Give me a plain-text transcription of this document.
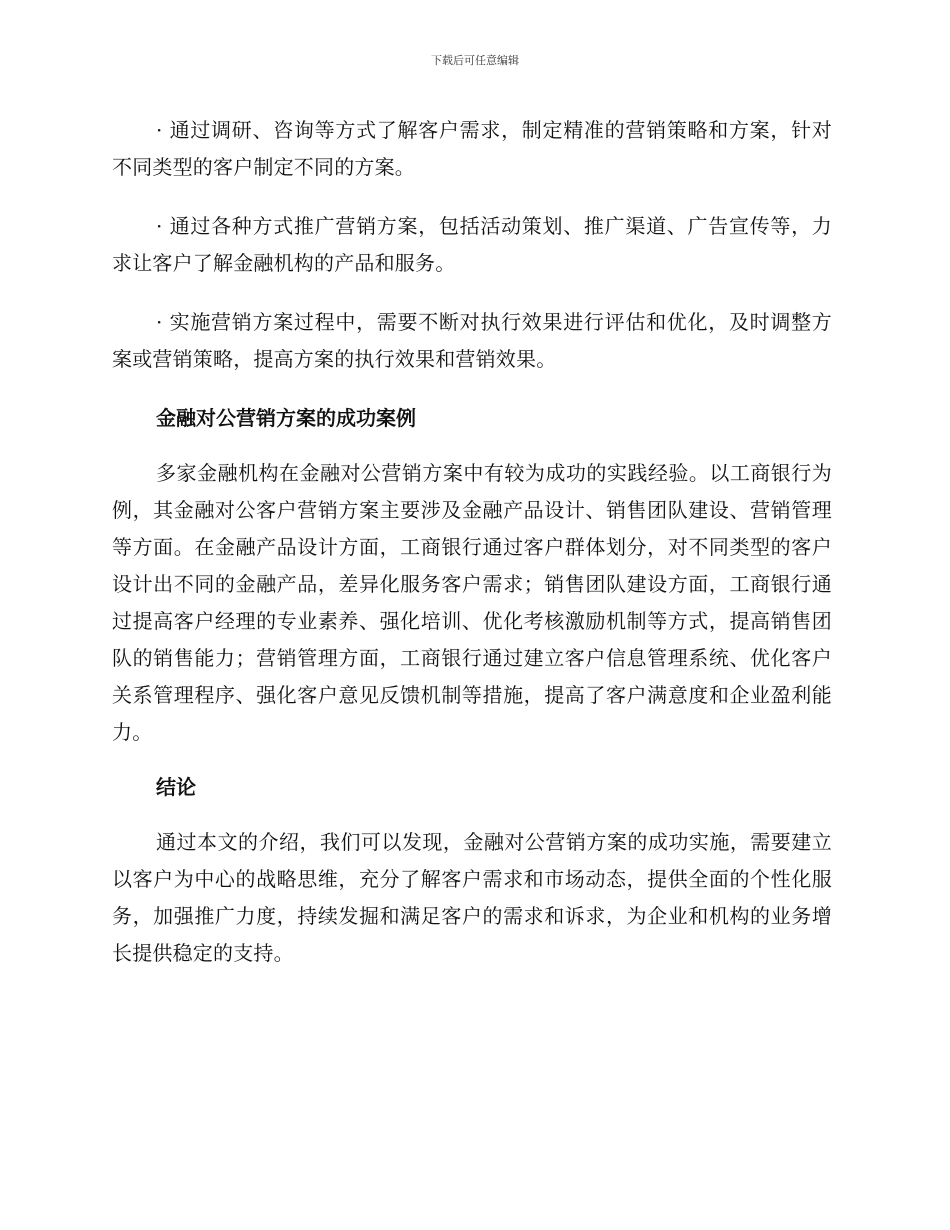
下载后可任意编辑

· 通过调研、咨询等方式了解客户需求，制定精准的营销策略和方案，针对不同类型的客户制定不同的方案。

· 通过各种方式推广营销方案，包括活动策划、推广渠道、广告宣传等，力求让客户了解金融机构的产品和服务。

· 实施营销方案过程中，需要不断对执行效果进行评估和优化，及时调整方案或营销策略，提高方案的执行效果和营销效果。

金融对公营销方案的成功案例

多家金融机构在金融对公营销方案中有较为成功的实践经验。以工商银行为例，其金融对公客户营销方案主要涉及金融产品设计、销售团队建设、营销管理等方面。在金融产品设计方面，工商银行通过客户群体划分，对不同类型的客户设计出不同的金融产品，差异化服务客户需求；销售团队建设方面，工商银行通过提高客户经理的专业素养、强化培训、优化考核激励机制等方式，提高销售团队的销售能力；营销管理方面，工商银行通过建立客户信息管理系统、优化客户关系管理程序、强化客户意见反馈机制等措施，提高了客户满意度和企业盈利能力。

结论

通过本文的介绍，我们可以发现，金融对公营销方案的成功实施，需要建立以客户为中心的战略思维，充分了解客户需求和市场动态，提供全面的个性化服务，加强推广力度，持续发掘和满足客户的需求和诉求，为企业和机构的业务增长提供稳定的支持。
